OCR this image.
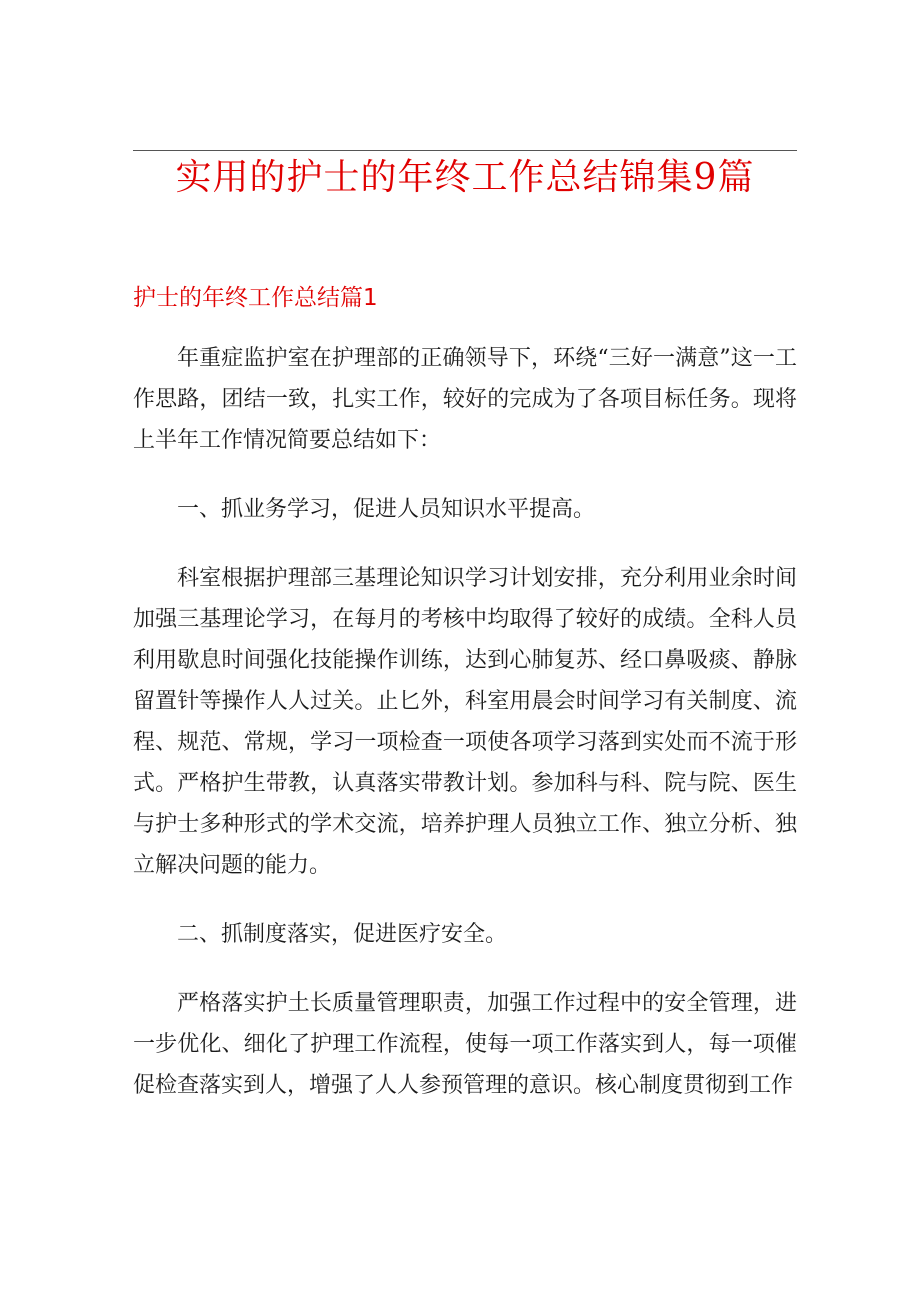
实用的护士的年终工作总结锦集9篇
护士的年终工作总结篇1

年重症监护室在护理部的正确领导下，环绕“三好一满意”这一工作思路，团结一致，扎实工作，较好的完成为了各项目标任务。现将上半年工作情况简要总结如下：

一、抓业务学习，促进人员知识水平提高。

科室根据护理部三基理论知识学习计划安排，充分利用业余时间加强三基理论学习，在每月的考核中均取得了较好的成绩。全科人员利用歇息时间强化技能操作训练，达到心肺复苏、经口鼻吸痰、静脉留置针等操作人人过关。止匕外，科室用晨会时间学习有关制度、流程、规范、常规，学习一项检查一项使各项学习落到实处而不流于形式。严格护生带教，认真落实带教计划。参加科与科、院与院、医生与护士多种形式的学术交流，培养护理人员独立工作、独立分析、独立解决问题的能力。

二、抓制度落实，促进医疗安全。

严格落实护土长质量管理职责，加强工作过程中的安全管理，进一步优化、细化了护理工作流程，使每一项工作落实到人，每一项催促检查落实到人，增强了人人参预管理的意识。核心制度贯彻到工作
